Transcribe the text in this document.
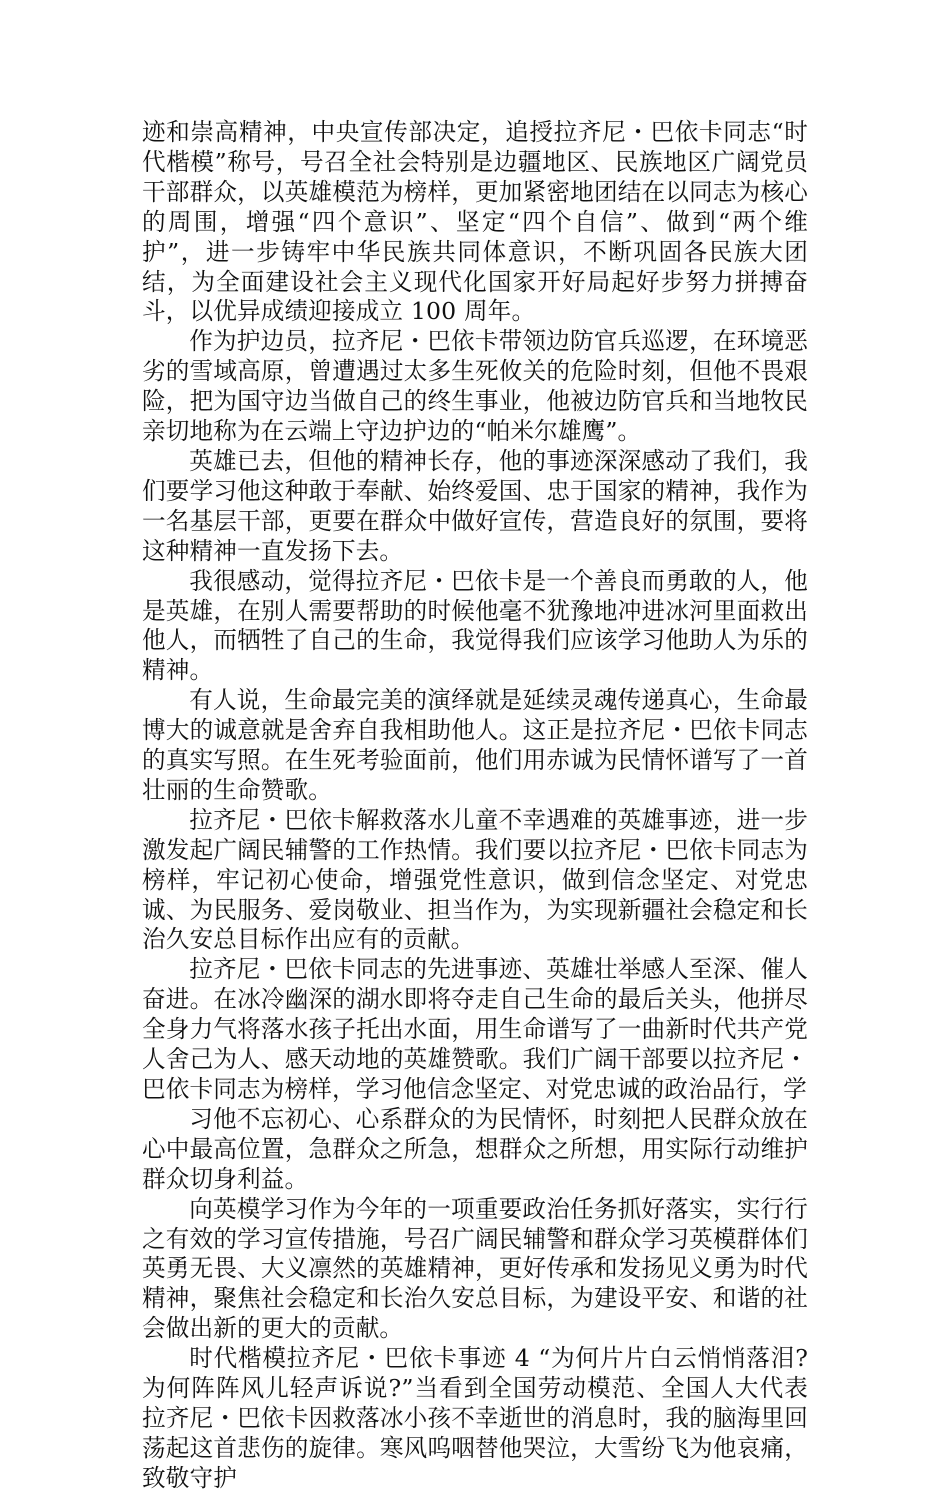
迹和崇高精神，中央宣传部决定，追授拉齐尼・巴依卡同志“时代楷模”称号，号召全社会特别是边疆地区、民族地区广阔党员干部群众，以英雄模范为榜样，更加紧密地团结在以同志为核心的周围，增强“四个意识”、坚定“四个自信”、做到“两个维护”，进一步铸牢中华民族共同体意识，不断巩固各民族大团结，为全面建设社会主义现代化国家开好局起好步努力拼搏奋斗，以优异成绩迎接成立 100 周年。

作为护边员，拉齐尼・巴依卡带领边防官兵巡逻，在环境恶劣的雪域高原，曾遭遇过太多生死攸关的危险时刻，但他不畏艰险，把为国守边当做自己的终生事业，他被边防官兵和当地牧民亲切地称为在云端上守边护边的“帕米尔雄鹰”。

英雄已去，但他的精神长存，他的事迹深深感动了我们，我们要学习他这种敢于奉献、始终爱国、忠于国家的精神，我作为一名基层干部，更要在群众中做好宣传，营造良好的氛围，要将这种精神一直发扬下去。

我很感动，觉得拉齐尼・巴依卡是一个善良而勇敢的人，他是英雄，在别人需要帮助的时候他毫不犹豫地冲进冰河里面救出他人，而牺牲了自己的生命，我觉得我们应该学习他助人为乐的精神。

有人说，生命最完美的演绎就是延续灵魂传递真心，生命最博大的诚意就是舍弃自我相助他人。这正是拉齐尼・巴依卡同志的真实写照。在生死考验面前，他们用赤诚为民情怀谱写了一首壮丽的生命赞歌。

拉齐尼・巴依卡解救落水儿童不幸遇难的英雄事迹，进一步激发起广阔民辅警的工作热情。我们要以拉齐尼・巴依卡同志为榜样，牢记初心使命，增强党性意识，做到信念坚定、对党忠诚、为民服务、爱岗敬业、担当作为，为实现新疆社会稳定和长治久安总目标作出应有的贡献。

拉齐尼・巴依卡同志的先进事迹、英雄壮举感人至深、催人奋进。在冰冷幽深的湖水即将夺走自己生命的最后关头，他拼尽全身力气将落水孩子托出水面，用生命谱写了一曲新时代共产党人舍己为人、感天动地的英雄赞歌。我们广阔干部要以拉齐尼・巴依卡同志为榜样，学习他信念坚定、对党忠诚的政治品行，学

习他不忘初心、心系群众的为民情怀，时刻把人民群众放在心中最高位置，急群众之所急，想群众之所想，用实际行动维护群众切身利益。

向英模学习作为今年的一项重要政治任务抓好落实，实行行之有效的学习宣传措施，号召广阔民辅警和群众学习英模群体们英勇无畏、大义凛然的英雄精神，更好传承和发扬见义勇为时代精神，聚焦社会稳定和长治久安总目标，为建设平安、和谐的社会做出新的更大的贡献。

时代楷模拉齐尼・巴依卡事迹 4 “为何片片白云悄悄落泪?为何阵阵风儿轻声诉说?”当看到全国劳动模范、全国人大代表拉齐尼・巴依卡因救落冰小孩不幸逝世的消息时，我的脑海里回荡起这首悲伤的旋律。寒风呜咽替他哭泣，大雪纷飞为他哀痛，致敬守护
